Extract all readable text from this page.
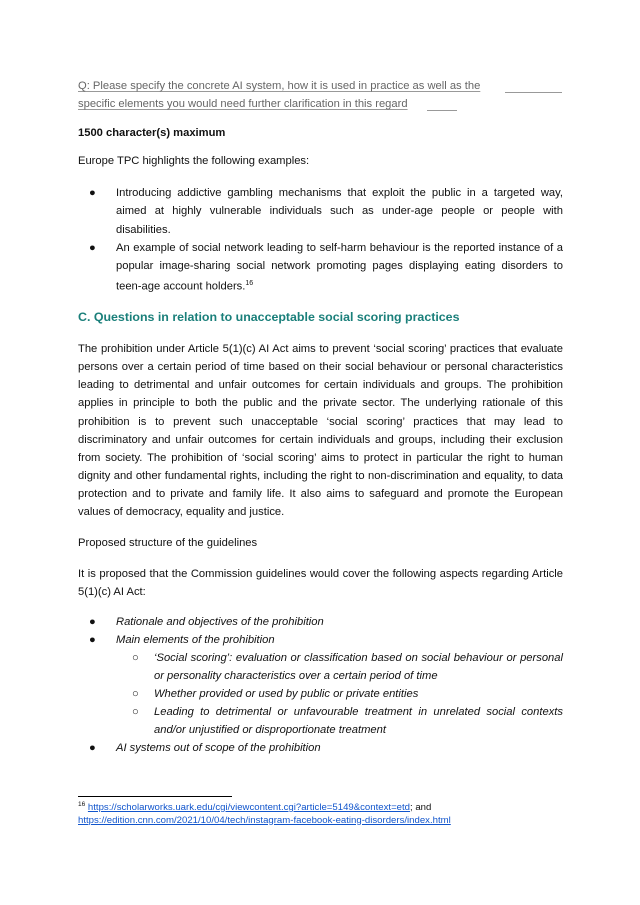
Q: Please specify the concrete AI system, how it is used in practice as well as the
specific elements you would need further clarification in this regard
1500 character(s) maximum
Europe TPC highlights the following examples:
● Introducing addictive gambling mechanisms that exploit the public in a targeted way, aimed at highly vulnerable individuals such as under-age people or people with disabilities.
● An example of social network leading to self-harm behaviour is the reported instance of a popular image-sharing social network promoting pages displaying eating disorders to teen-age account holders.$^{16}$
C. Questions in relation to unacceptable social scoring practices

The prohibition under Article 5(1)(c) AI Act aims to prevent ‘social scoring’ practices that evaluate persons over a certain period of time based on their social behaviour or personal characteristics leading to detrimental and unfair outcomes for certain individuals and groups. The prohibition applies in principle to both the public and the private sector. The underlying rationale of this prohibition is to prevent such unacceptable ‘social scoring’ practices that may lead to discriminatory and unfair outcomes for certain individuals and groups, including their exclusion from society. The prohibition of ‘social scoring’ aims to protect in particular the right to human dignity and other fundamental rights, including the right to non-discrimination and equality, to data protection and to private and family life. It also aims to safeguard and promote the European values of democracy, equality and justice.

Proposed structure of the guidelines

It is proposed that the Commission guidelines would cover the following aspects regarding Article 5(1)(c) AI Act:

● Rationale and objectives of the prohibition
● Main elements of the prohibition
○ ‘Social scoring’: evaluation or classification based on social behaviour or personal or personality characteristics over a certain period of time
○ Whether provided or used by public or private entities
○ Leading to detrimental or unfavourable treatment in unrelated social contexts and/or unjustified or disproportionate treatment
● AI systems out of scope of the prohibition
$^{16}$ https://scholarworks.uark.edu/cgi/viewcontent.cgi?article=5149&context=etd; and
https://edition.cnn.com/2021/10/04/tech/instagram-facebook-eating-disorders/index.html
